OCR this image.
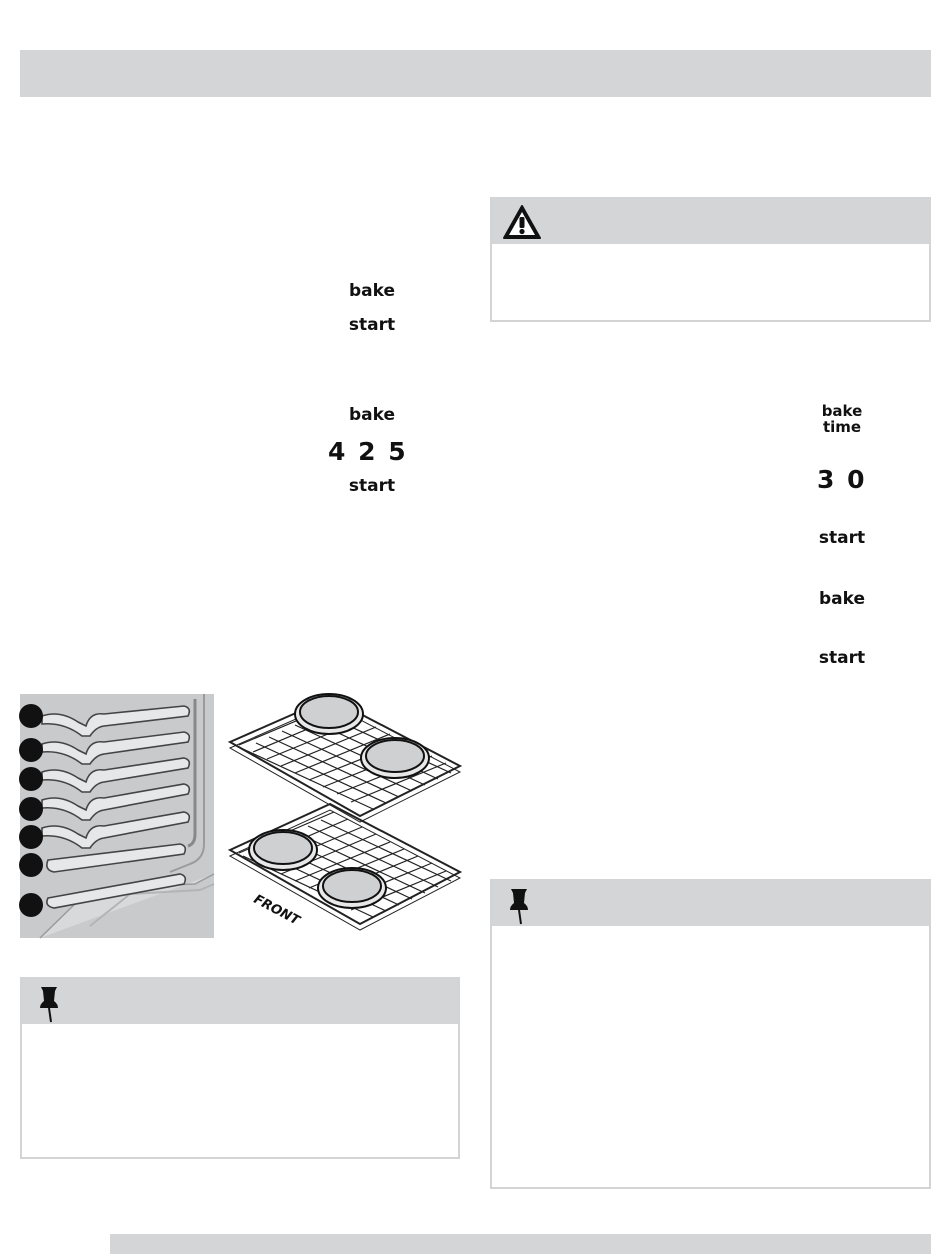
bake
start
bake
4 2 5
start
bake
time
3 0
start
bake
start
FRONT
